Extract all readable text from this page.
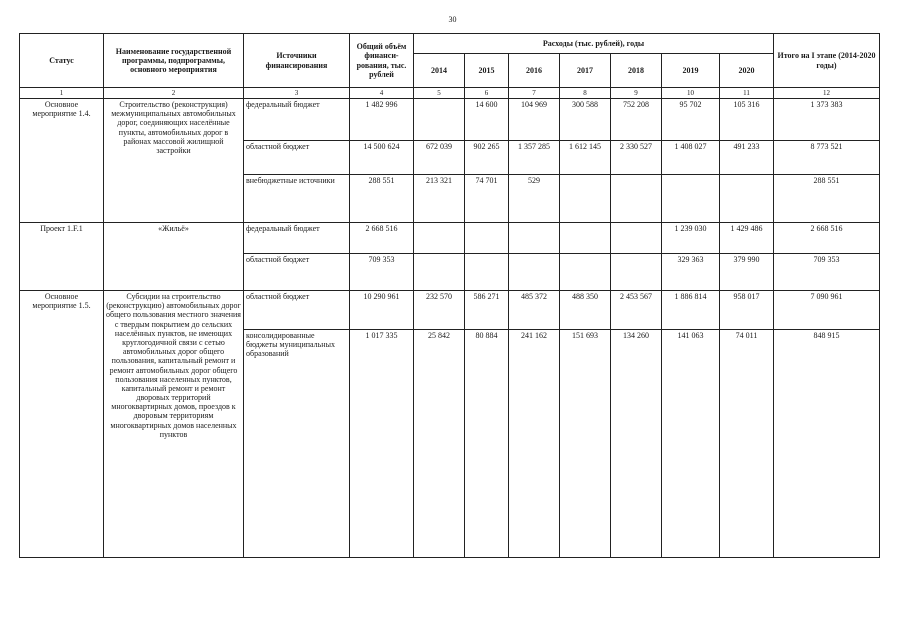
30
Статус	Наименование государственной программы, подпрограммы, основного мероприятия	Источники финансирования	Общий объём финанси-рования, тыс. рублей	Расходы (тыс. рублей), годы							Итого на I этапе (2014-2020 годы)
				2014	2015	2016	2017	2018	2019	2020	
1	2	3	4	5	6	7	8	9	10	11	12
Основное мероприятие 1.4.	Строительство (реконструкция) межмуниципальных автомобильных дорог, соединяющих населённые пункты, автомобильных дорог в районах массовой жилищной застройки	федеральный бюджет	1 482 996		14 600	104 969	300 588	752 208	95 702	105 316	1 373 383
		областной бюджет	14 500 624	672 039	902 265	1 357 285	1 612 145	2 330 527	1 408 027	491 233	8 773 521
		внебюджетные источники	288 551	213 321	74 701	529					288 551
Проект 1.F.1	«Жильё»	федеральный бюджет	2 668 516						1 239 030	1 429 486	2 668 516
		областной бюджет	709 353						329 363	379 990	709 353
Основное мероприятие 1.5.	Субсидии на строительство (реконструкцию) автомобильных дорог общего пользования местного значения с твердым покрытием до сельских населённых пунктов, не имеющих круглогодичной связи с сетью автомобильных дорог общего пользования, капитальный ремонт и ремонт автомобильных дорог общего пользования населенных пунктов, капитальный ремонт и ремонт дворовых территорий многоквартирных домов, проездов к дворовым территориям многоквартирных домов населенных пунктов	областной бюджет	10 290 961	232 570	586 271	485 372	488 350	2 453 567	1 886 814	958 017	7 090 961
		консолидированные бюджеты муниципальных образований	1 017 335	25 842	80 884	241 162	151 693	134 260	141 063	74 011	848 915
